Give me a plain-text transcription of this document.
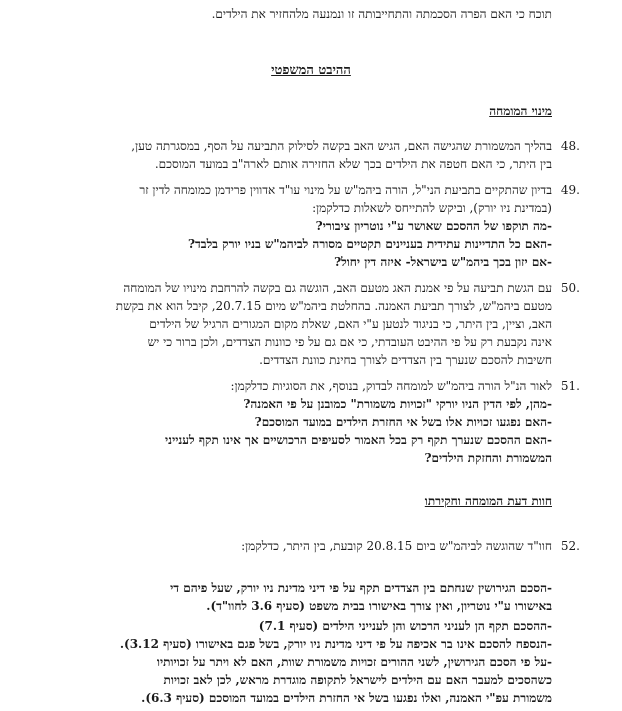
תוכח כי האם הפרה הסכמתה והתחייבותה זו ונמנעה מלהחזיר את הילדים.
ההיבט המשפטי
מינוי המומחה
48.
בהליך המשמורת שהגישה האם, הגיש האב בקשה לסילוק התביעה על הסף, במסגרתה טען,
בין היתר, כי האם חטפה את הילדים בכך שלא החזירה אותם לארה"ב במועד המוסכם.
49.
בדיון שהתקיים בתביעת הני"ל, הורה ביהמ"ש על מינוי עו"ד אדווין פרידמן כמומחה לדין זר
(במדינת ניו יורק), וביקש להתייחס לשאלות כדלקמן:
-מה תוקפו של ההסכם שאושר ע"י נוטריון ציבורי?
-האם כל התדיינות עתידית בעניינים תקטיים מסורה לביהמ"ש בניו יורק בלבד?
-אם יזון בכך ביהמ"ש בישראל- איזה דין יחול?
50.
עם הגשת תביעה על פי אמנת האג מטעם האב, הוגשה גם בקשה להרחבת מינויו של המומחה
מטעם ביהמ"ש, לצורך תביעת האמנה. בהחלטת ביהמ"ש מיום 20.7.15, קיבל הוא את בקשת
האב, וציין, בין היתר, כי בניגוד לנטען ע"י האם, שאלת מקום המגורים הרגיל של הילדים
אינה נקבעת רק על פי ההיבט העובדתי, כי אם גם על פי כוונות הצדדים, ולכן ברור כי יש
חשיבות להסכם שנערך בין הצדדים לצורך בחינת כוונת הצדדים.
51.
לאור הנ"ל הורה ביהמ"ש למומחה לבדוק, בנוסף, את הסוגיות כדלקמן:
-מהן, לפי הדין הניו יורקי "זכויות משמורת" כמובנן על פי האמנה?
-האם נפגעו זכויות אלו בשל אי החזרת הילדים במועד המוסכם?
-האם ההסכם שנערך תקף רק בכל האמור לסעיפים הרכושיים אך אינו תקף לענייני
המשמורת והחזקת הילדים?
חוות דעת המומחה וחקירתו
52.
חוו"ד שהוגשה לביהמ"ש ביום 20.8.15 קובעת, בין היתר, כדלקמן:
-הסכם הגירושין שנחתם בין הצדדים תקף על פי דיני מדינת ניו יורק, שעל פיהם די
באישורו ע"י נוטריון, ואין צורך באישורו בבית משפט (סעיף 3.6 לחוו"ד).
-ההסכם תקף הן לעניני הרכוש והן לענייני הילדים (סעיף 7.1)
-הנספח להסכם אינו בר אכיפה על פי דיני מדינת ניו יורק, בשל פגם באישורו (סעיף 3.12).
-על פי הסכם הגירושין, לשני ההורים זכויות משמורת שוות, האם לא ויתר על זכויותיו
כשהסכים למעבר האם עם הילדים לישראל לתקופה מוגדרת מראש, לכן לאב זכויות
משמורת עפ"י האמנה, ואלו נפגעו בשל אי החזרת הילדים במועד המוסכם (סעיף 6.3).
